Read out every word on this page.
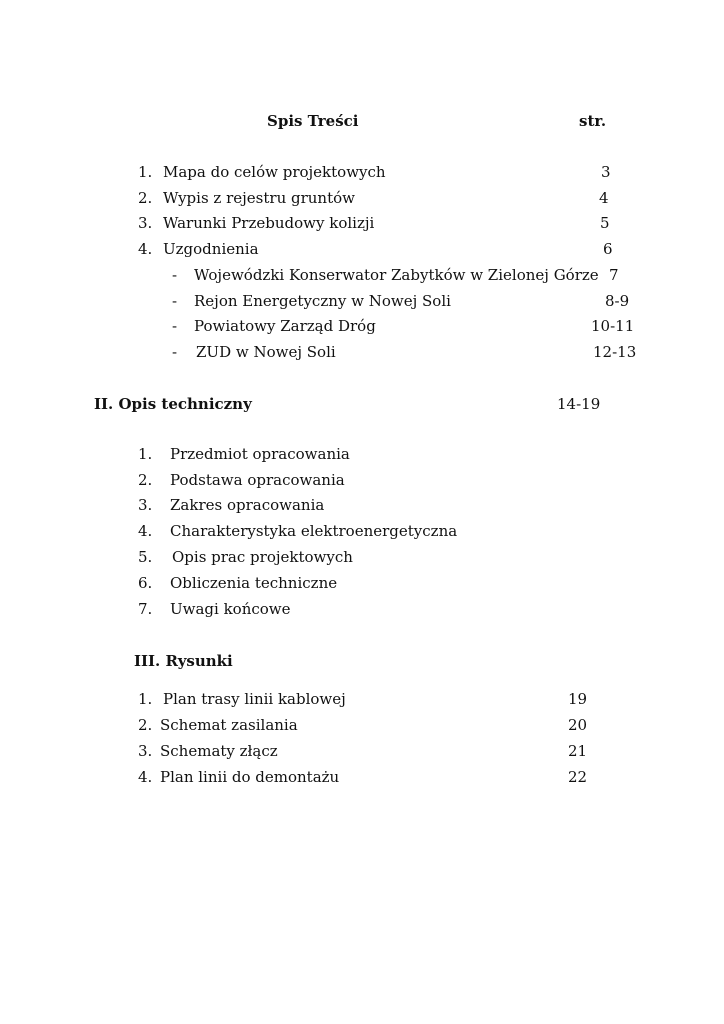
Spis Treści	str.
1. Mapa do celów projektowych	3
2. Wypis z rejestru gruntów	4
3. Warunki Przebudowy kolizji	5
4. Uzgodnienia	6
- Wojewódzki Konserwator Zabytków w Zielonej Górze 7
- Rejon Energetyczny w Nowej Soli	8-9
- Powiatowy Zarząd Dróg	10-11
- ZUD w Nowej Soli	12-13
II. Opis techniczny	14-19
1. Przedmiot opracowania
2. Podstawa opracowania
3. Zakres opracowania
4. Charakterystyka elektroenergetyczna
5. Opis prac projektowych
6. Obliczenia techniczne
7. Uwagi końcowe
III. Rysunki
1. Plan trasy linii kablowej	19
2. Schemat zasilania	20
3. Schematy złącz	21
4. Plan linii do demontażu	22
